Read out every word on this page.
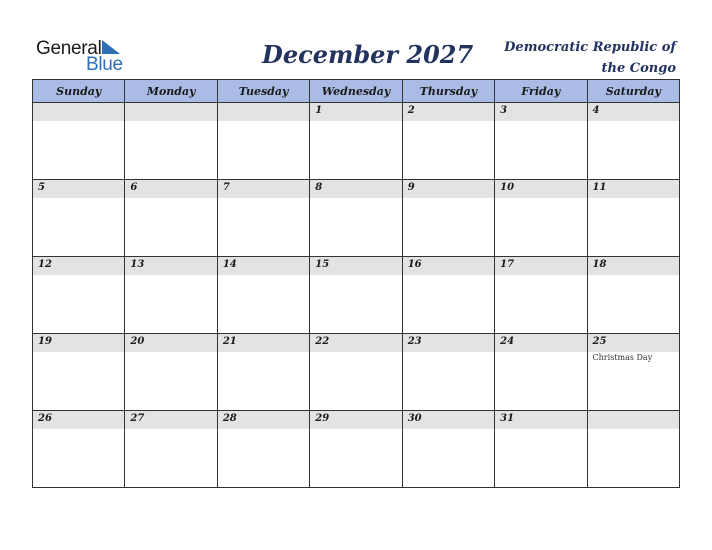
General
Blue	December 2027	Democratic Republic of
the Congo
Sunday	Monday	Tuesday	Wednesday	Thursday	Friday	Saturday

			1	2	3	4

5	6	7	8	9	10	11

12	13	14	15	16	17	18

19	20	21	22	23	24	25
Christmas Day

26	27	28	29	30	31	
